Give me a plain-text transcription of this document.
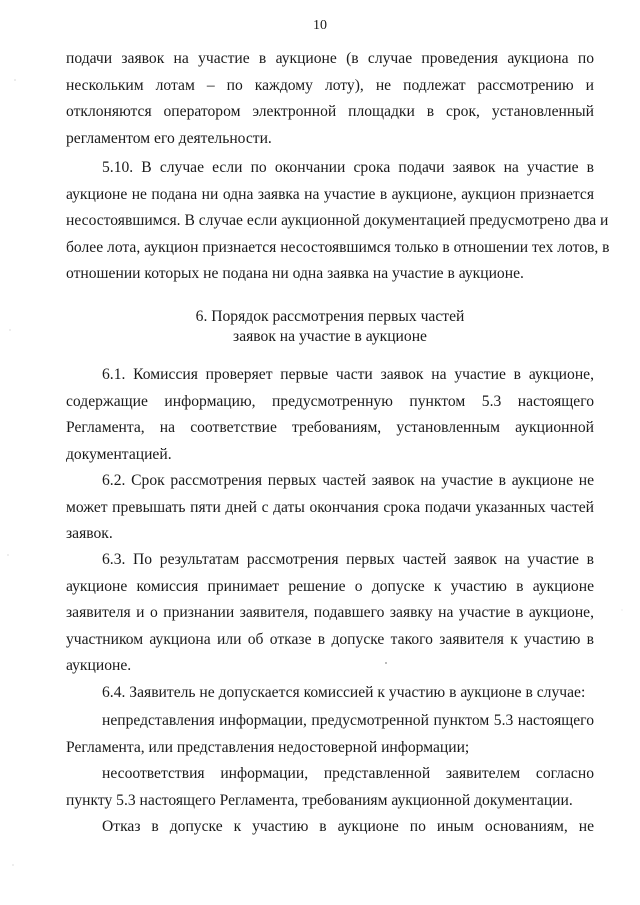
10
подачи заявок на участие в аукционе (в случае проведения аукциона по
нескольким лотам – по каждому лоту), не подлежат рассмотрению и
отклоняются оператором электронной площадки в срок, установленный
регламентом его деятельности.
5.10. В случае если по окончании срока подачи заявок на участие в
аукционе не подана ни одна заявка на участие в аукционе, аукцион признается
несостоявшимся. В случае если аукционной документацией предусмотрено два и
более лота, аукцион признается несостоявшимся только в отношении тех лотов, в
отношении которых не подана ни одна заявка на участие в аукционе.
6. Порядок рассмотрения первых частей
заявок на участие в аукционе
6.1. Комиссия проверяет первые части заявок на участие в аукционе,
содержащие информацию, предусмотренную пунктом 5.3 настоящего
Регламента, на соответствие требованиям, установленным аукционной
документацией.
6.2. Срок рассмотрения первых частей заявок на участие в аукционе не
может превышать пяти дней с даты окончания срока подачи указанных частей
заявок.
6.3. По результатам рассмотрения первых частей заявок на участие в
аукционе комиссия принимает решение о допуске к участию в аукционе
заявителя и о признании заявителя, подавшего заявку на участие в аукционе,
участником аукциона или об отказе в допуске такого заявителя к участию в
аукционе.
6.4. Заявитель не допускается комиссией к участию в аукционе в случае:
непредставления информации, предусмотренной пунктом 5.3 настоящего
Регламента, или представления недостоверной информации;
несоответствия информации, представленной заявителем согласно
пункту 5.3 настоящего Регламента, требованиям аукционной документации.
Отказ в допуске к участию в аукционе по иным основаниям, не
